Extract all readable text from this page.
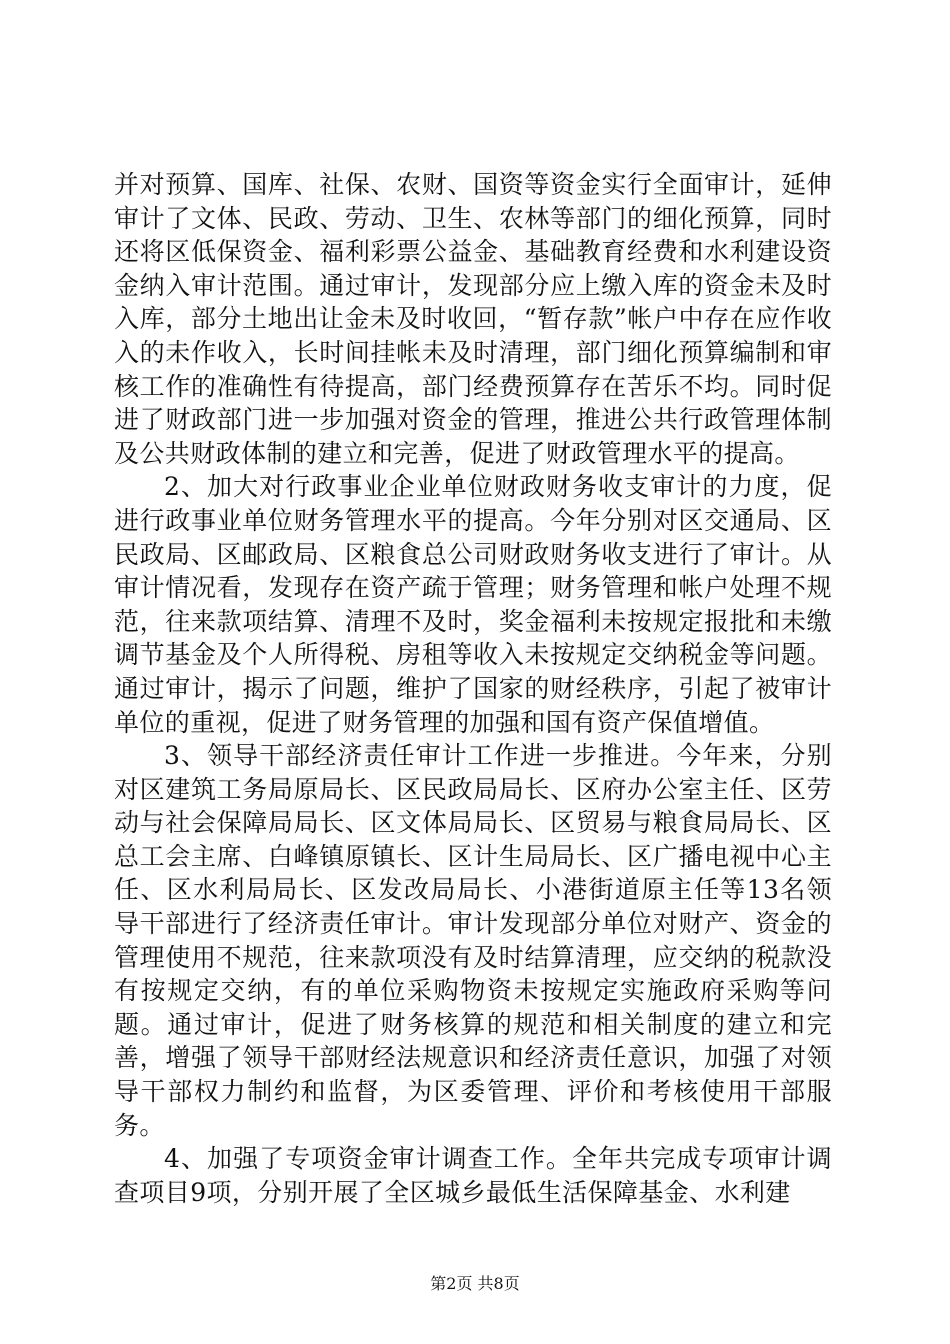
并对预算、国库、社保、农财、国资等资金实行全面审计，延伸审计了文体、民政、劳动、卫生、农林等部门的细化预算，同时还将区低保资金、福利彩票公益金、基础教育经费和水利建设资金纳入审计范围。通过审计，发现部分应上缴入库的资金未及时入库，部分土地出让金未及时收回，“暂存款”帐户中存在应作收入的未作收入，长时间挂帐未及时清理，部门细化预算编制和审核工作的准确性有待提高，部门经费预算存在苦乐不均。同时促进了财政部门进一步加强对资金的管理，推进公共行政管理体制及公共财政体制的建立和完善，促进了财政管理水平的提高。

2、加大对行政事业企业单位财政财务收支审计的力度，促进行政事业单位财务管理水平的提高。今年分别对区交通局、区民政局、区邮政局、区粮食总公司财政财务收支进行了审计。从审计情况看，发现存在资产疏于管理；财务管理和帐户处理不规范，往来款项结算、清理不及时，奖金福利未按规定报批和未缴调节基金及个人所得税、房租等收入未按规定交纳税金等问题。通过审计，揭示了问题，维护了国家的财经秩序，引起了被审计单位的重视，促进了财务管理的加强和国有资产保值增值。

3、领导干部经济责任审计工作进一步推进。今年来，分别对区建筑工务局原局长、区民政局局长、区府办公室主任、区劳动与社会保障局局长、区文体局局长、区贸易与粮食局局长、区总工会主席、白峰镇原镇长、区计生局局长、区广播电视中心主任、区水利局局长、区发改局局长、小港街道原主任等13名领导干部进行了经济责任审计。审计发现部分单位对财产、资金的管理使用不规范，往来款项没有及时结算清理，应交纳的税款没有按规定交纳，有的单位采购物资未按规定实施政府采购等问题。通过审计，促进了财务核算的规范和相关制度的建立和完善，增强了领导干部财经法规意识和经济责任意识，加强了对领导干部权力制约和监督，为区委管理、评价和考核使用干部服务。

4、加强了专项资金审计调查工作。全年共完成专项审计调查项目9项，分别开展了全区城乡最低生活保障基金、水利建

第2页 共8页
